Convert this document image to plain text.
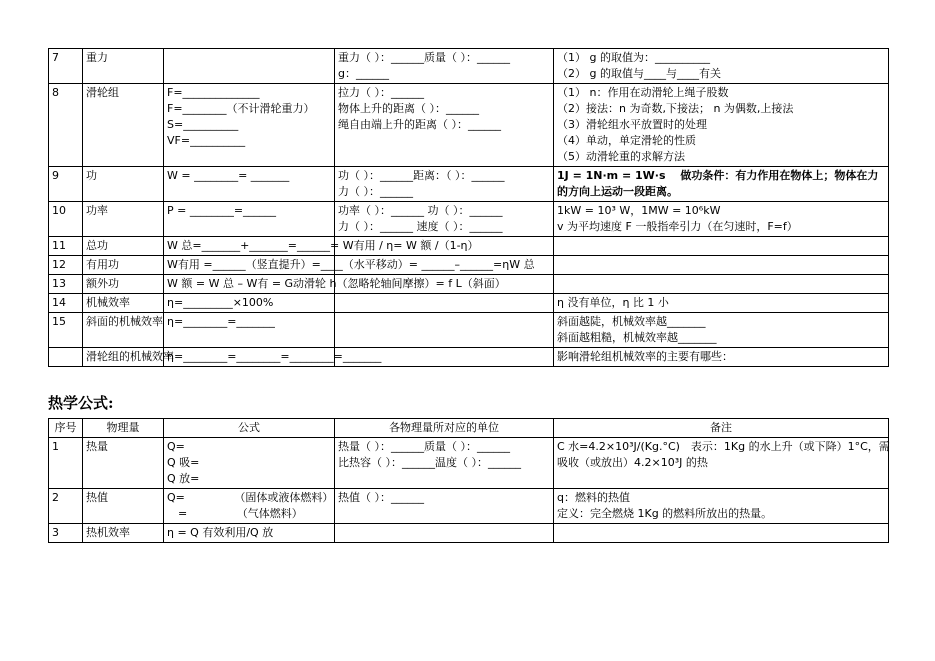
7	重力		重力（ ）：______质量（ ）：______
g：______	（1） g 的取值为：__________
（2） g 的取值与____与____有关

8	滑轮组	F=______________
F=________（不计滑轮重力）
S=__________
VF=__________	拉力（ ）：______
物体上升的距离（ ）：______
绳自由端上升的距离（ ）：______	（1） n：作用在动滑轮上绳子股数
（2）接法：n 为奇数,下接法； n 为偶数,上接法
（3）滑轮组水平放置时的处理
（4）单动，单定滑轮的性质
（5）动滑轮重的求解方法

9	功	W = ________= _______	功（ ）：______距离：（ ）：______
力（ ）：______	1J = 1N·m = 1W·s　 做功条件：有力作用在物体上；物体在力
的方向上运动一段距离。

10	功率	P = ________=______	功率（ ）：______ 功（ ）：______
力（ ）：______ 速度（ ）：______	1kW = 10³ W，1MW = 10⁶kW
v 为平均速度 F 一般指牵引力（在匀速时，F=f）

11	总功	W 总=_______+_______=______= W有用 / η= W 额 /（1-η）		

12	有用功	W有用 =______（竖直提升）=____（水平移动）= ______–______=ηW 总		

13	额外功	W 额 = W 总 – W有 = G动滑轮 h（忽略轮轴间摩擦）= f L（斜面）		

14	机械效率	η=_________×100%		η 没有单位，η 比 1 小

15	斜面的机械效率	η=________=_______		斜面越陡，机械效率越_______
斜面越粗糙，机械效率越_______

	滑轮组的机械效率	η=________=________=________=_______		影响滑轮组机械效率的主要有哪些：
热学公式:
序号	物理量	公式	各物理量所对应的单位	备注

1	热量	Q=
Q 吸=
Q 放=	热量（ ）：______质量（ ）：______
比热容（ ）：______温度（ ）：______	C 水=4.2×10³J/(Kg.°C)　表示：1Kg 的水上升（或下降）1°C，需
吸收（或放出）4.2×10³J 的热

2	热值	Q=　　　　　（固体或液体燃料）
　=　　　　　（气体燃料）	热值（ ）：______	q：燃料的热值
定义：完全燃烧 1Kg 的燃料所放出的热量。

3	热机效率	η = Q 有效利用/Q 放		
